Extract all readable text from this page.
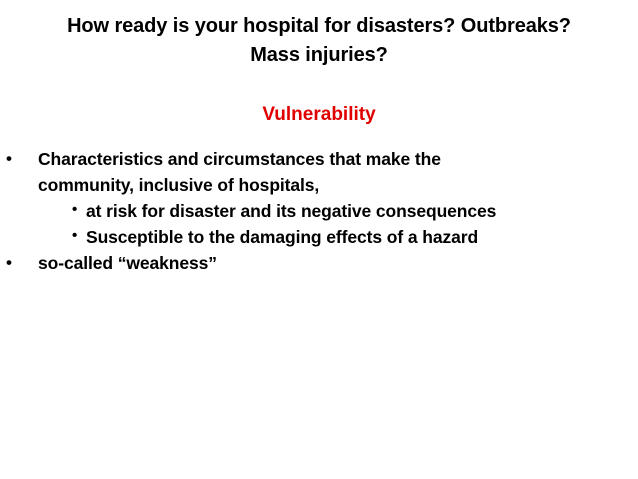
How ready is your hospital for disasters? Outbreaks?
Mass injuries?
Vulnerability
• Characteristics and circumstances that make the
community, inclusive of hospitals,
• at risk for disaster and its negative consequences
• Susceptible to the damaging effects of a hazard
• so-called “weakness”
